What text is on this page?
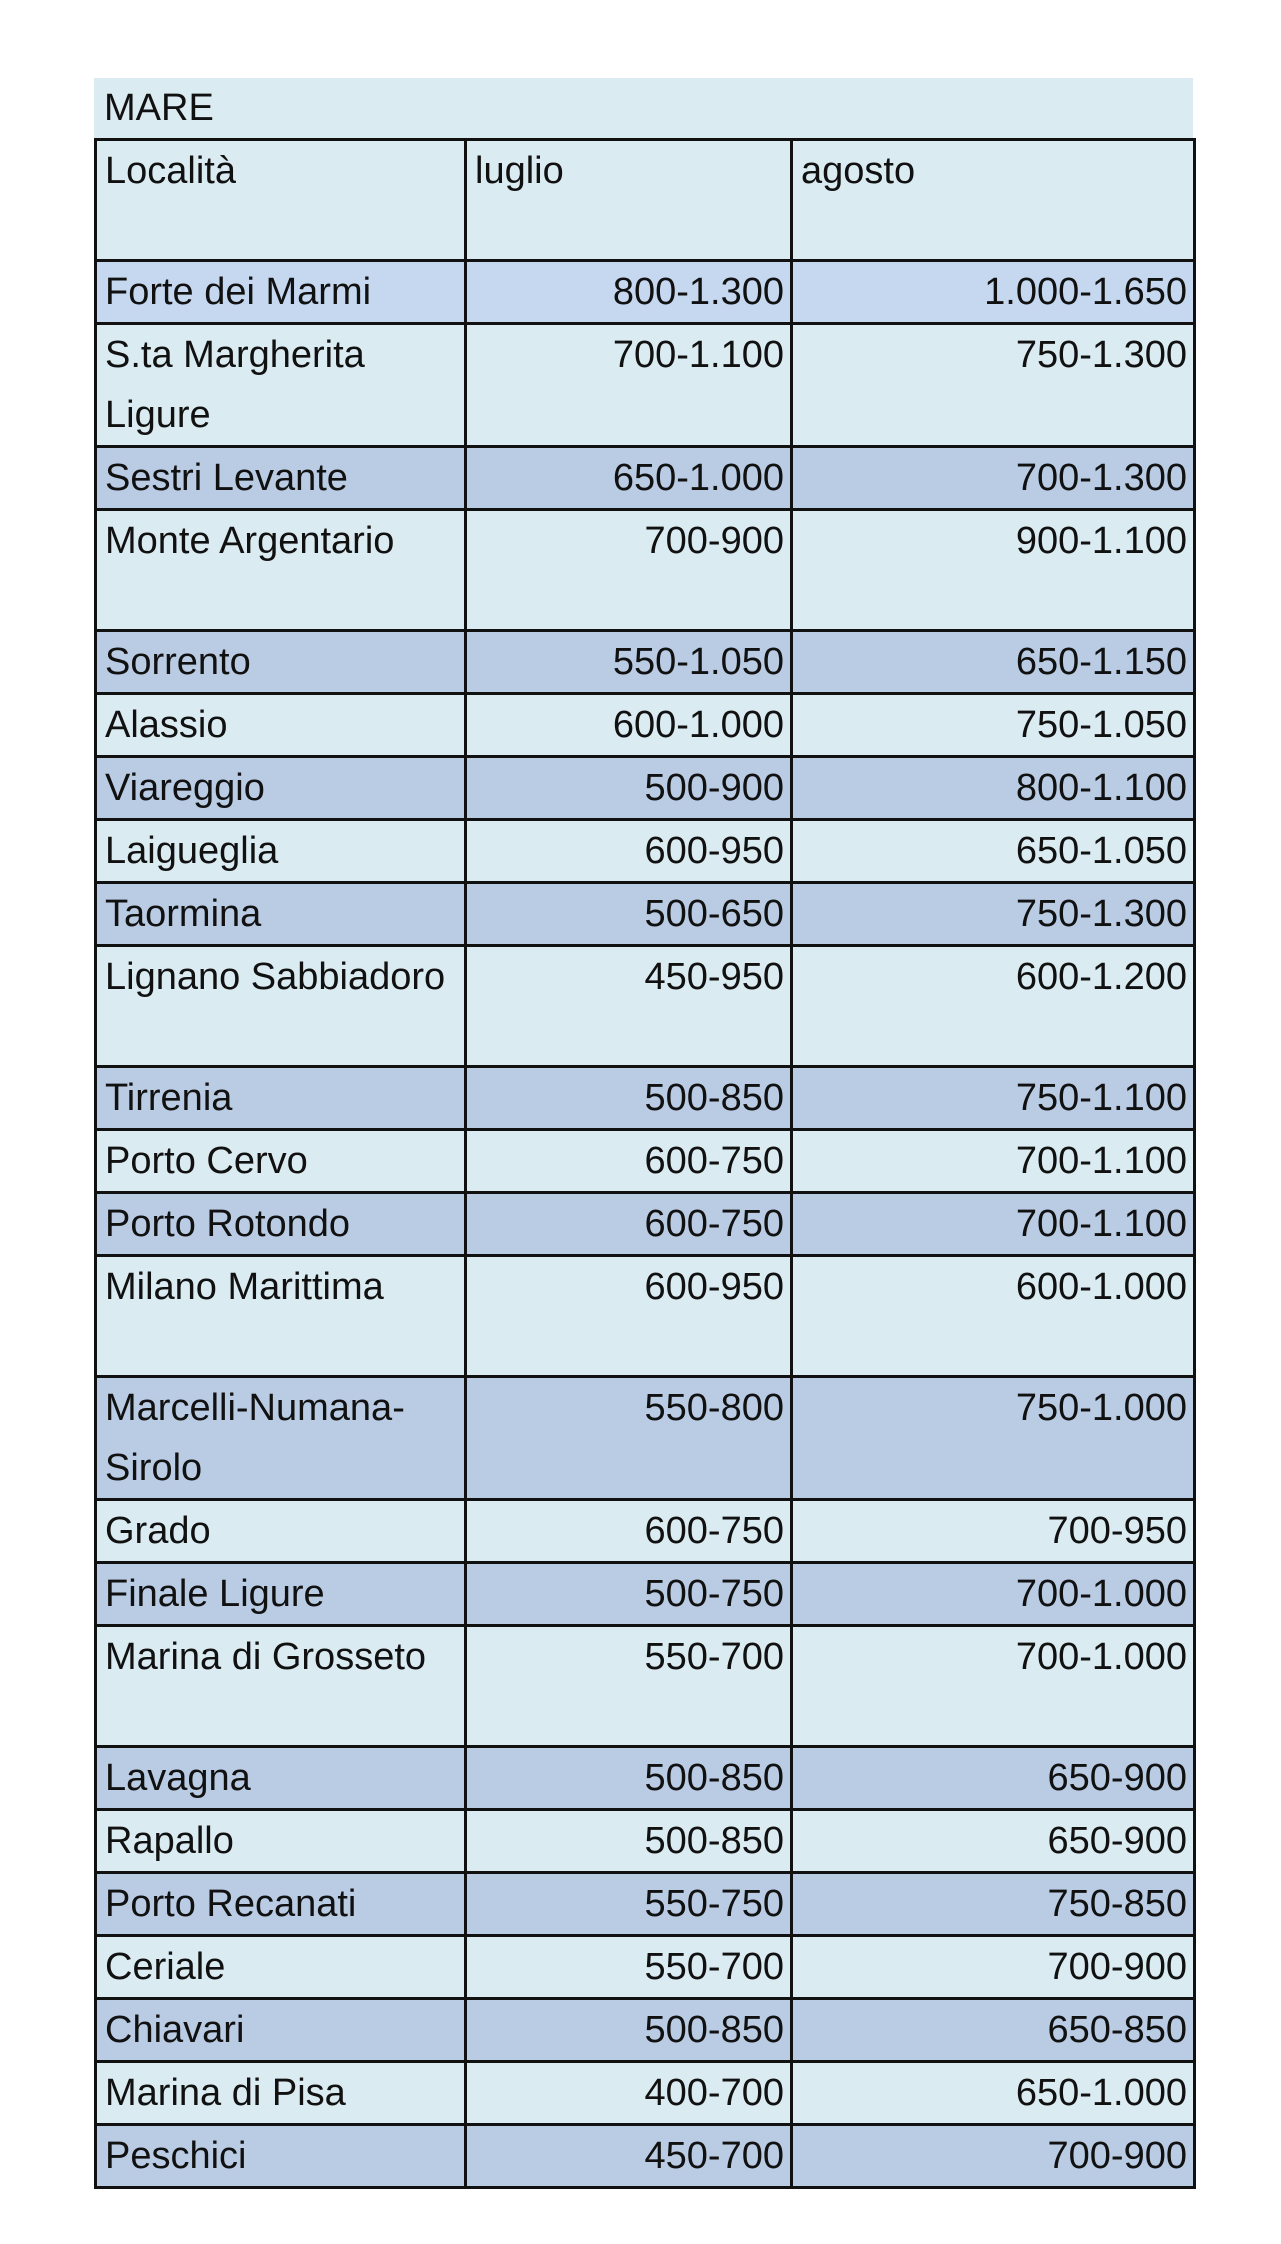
MARE
Località	luglio	agosto
Forte dei Marmi	800-1.300	1.000-1.650
S.ta Margherita Ligure	700-1.100	750-1.300
Sestri Levante	650-1.000	700-1.300
Monte Argentario	700-900	900-1.100
Sorrento	550-1.050	650-1.150
Alassio	600-1.000	750-1.050
Viareggio	500-900	800-1.100
Laigueglia	600-950	650-1.050
Taormina	500-650	750-1.300
Lignano Sabbiadoro	450-950	600-1.200
Tirrenia	500-850	750-1.100
Porto Cervo	600-750	700-1.100
Porto Rotondo	600-750	700-1.100
Milano Marittima	600-950	600-1.000
Marcelli-Numana-Sirolo	550-800	750-1.000
Grado	600-750	700-950
Finale Ligure	500-750	700-1.000
Marina di Grosseto	550-700	700-1.000
Lavagna	500-850	650-900
Rapallo	500-850	650-900
Porto Recanati	550-750	750-850
Ceriale	550-700	700-900
Chiavari	500-850	650-850
Marina di Pisa	400-700	650-1.000
Peschici	450-700	700-900
